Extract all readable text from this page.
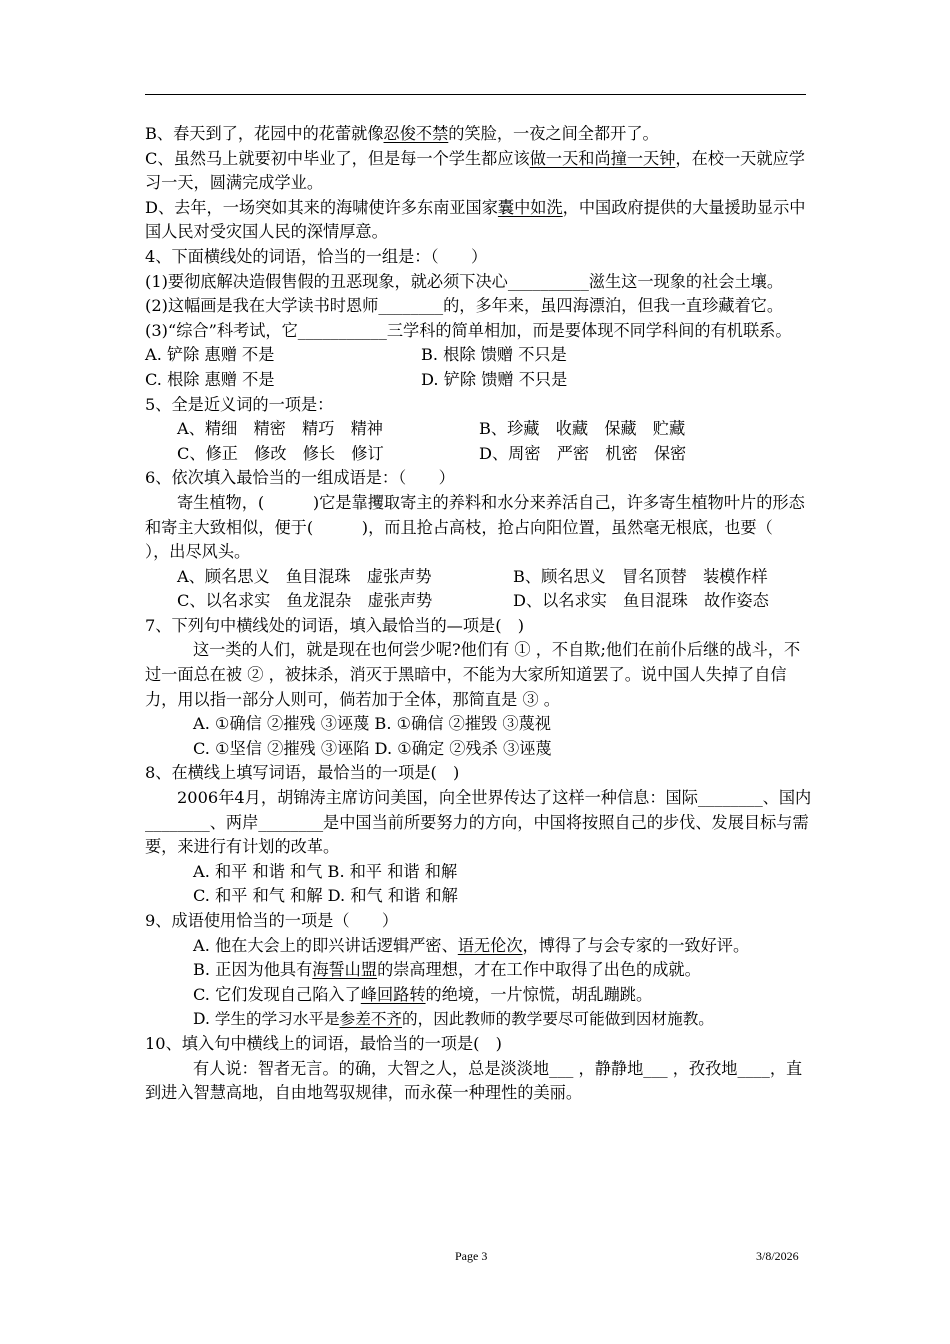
B、春天到了，花园中的花蕾就像忍俊不禁的笑脸，一夜之间全都开了。

C、虽然马上就要初中毕业了，但是每一个学生都应该做一天和尚撞一天钟，在校一天就应学习一天，圆满完成学业。

D、去年，一场突如其来的海啸使许多东南亚国家囊中如洗，中国政府提供的大量援助显示中国人民对受灾国人民的深情厚意。

4、下面横线处的词语，恰当的一组是：（　　）

(1)要彻底解决造假售假的丑恶现象，就必须下决心__________滋生这一现象的社会土壤。

(2)这幅画是我在大学读书时恩师________的，多年来，虽四海漂泊，但我一直珍藏着它。

(3)“综合”科考试，它___________三学科的简单相加，而是要体现不同学科间的有机联系。

A. 铲除 惠赠 不是	B. 根除 馈赠 不只是
C. 根除 惠赠 不是	D. 铲除 馈赠 不只是

5、全是近义词的一项是：

A、精细　精密　精巧　精神	B、珍藏　收藏　保藏　贮藏
C、修正　修改　修长　修订	D、周密　严密　机密　保密

6、依次填入最恰当的一组成语是：（　　）

寄生植物，(　　　)它是靠攫取寄主的养料和水分来养活自己，许多寄生植物叶片的形态和寄主大致相似，便于(　　　)，而且抢占高枝，抢占向阳位置，虽然毫无根底，也要（　　　），出尽风头。

A、顾名思义　鱼目混珠　虚张声势	B、顾名思义　冒名顶替　装模作样
C、以名求实　鱼龙混杂　虚张声势	D、以名求实　鱼目混珠　故作姿态

7、下列句中横线处的词语，填入最恰当的—项是(　)

这一类的人们，就是现在也何尝少呢?他们有 ① ，不自欺;他们在前仆后继的战斗，不过一面总在被 ② ，被抹杀，消灭于黑暗中，不能为大家所知道罢了。说中国人失掉了自信力，用以指一部分人则可，倘若加于全体，那简直是 ③ 。

A. ①确信 ②摧残 ③诬蔑 B. ①确信 ②摧毁 ③蔑视

C. ①坚信 ②摧残 ③诬陷 D. ①确定 ②残杀 ③诬蔑

8、在横线上填写词语，最恰当的一项是(　)

2006年4月，胡锦涛主席访问美国，向全世界传达了这样一种信息：国际________、国内________、两岸________是中国当前所要努力的方向，中国将按照自己的步伐、发展目标与需要，来进行有计划的改革。

A. 和平 和谐 和气 B. 和平 和谐 和解

C. 和平 和气 和解 D. 和气 和谐 和解

9、成语使用恰当的一项是（　　）

A. 他在大会上的即兴讲话逻辑严密、语无伦次，博得了与会专家的一致好评。

B. 正因为他具有海誓山盟的崇高理想，才在工作中取得了出色的成就。

C. 它们发现自己陷入了峰回路转的绝境，一片惊慌，胡乱蹦跳。

D. 学生的学习水平是参差不齐的，因此教师的教学要尽可能做到因材施教。

10、填入句中横线上的词语，最恰当的一项是(　)

有人说：智者无言。的确，大智之人，总是淡淡地___ ，静静地___ ，孜孜地____，直到进入智慧高地，自由地驾驭规律，而永葆一种理性的美丽。

Page 3	3/8/2026
